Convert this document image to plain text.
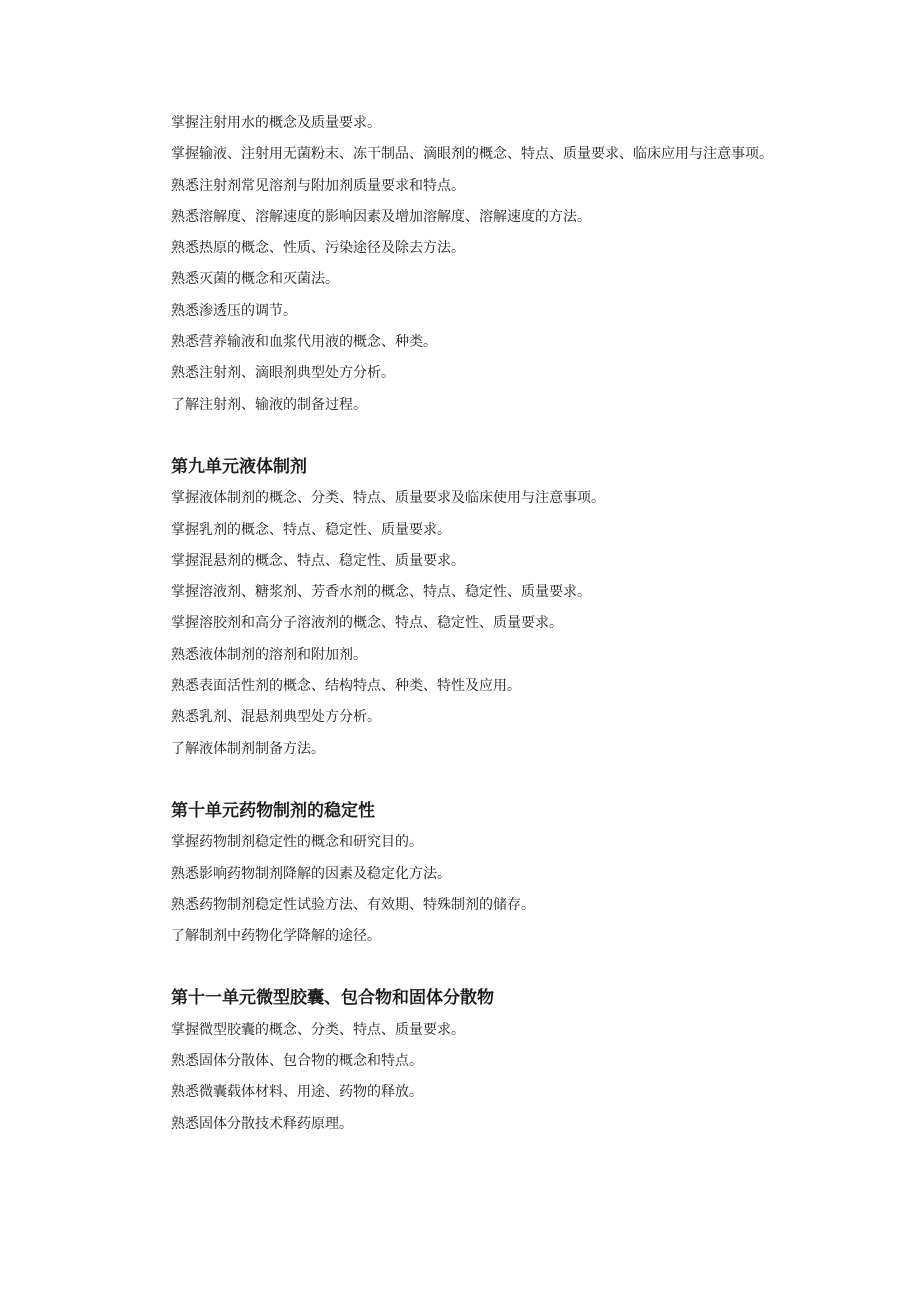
掌握注射用水的概念及质量要求。

掌握输液、注射用无菌粉末、冻干制品、滴眼剂的概念、特点、质量要求、临床应用与注意事项。

熟悉注射剂常见溶剂与附加剂质量要求和特点。

熟悉溶解度、溶解速度的影响因素及增加溶解度、溶解速度的方法。

熟悉热原的概念、性质、污染途径及除去方法。

熟悉灭菌的概念和灭菌法。

熟悉渗透压的调节。

熟悉营养输液和血浆代用液的概念、种类。

熟悉注射剂、滴眼剂典型处方分析。

了解注射剂、输液的制备过程。

第九单元液体制剂

掌握液体制剂的概念、分类、特点、质量要求及临床使用与注意事项。

掌握乳剂的概念、特点、稳定性、质量要求。

掌握混悬剂的概念、特点、稳定性、质量要求。

掌握溶液剂、糖浆剂、芳香水剂的概念、特点、稳定性、质量要求。

掌握溶胶剂和高分子溶液剂的概念、特点、稳定性、质量要求。

熟悉液体制剂的溶剂和附加剂。

熟悉表面活性剂的概念、结构特点、种类、特性及应用。

熟悉乳剂、混悬剂典型处方分析。

了解液体制剂制备方法。

第十单元药物制剂的稳定性

掌握药物制剂稳定性的概念和研究目的。

熟悉影响药物制剂降解的因素及稳定化方法。

熟悉药物制剂稳定性试验方法、有效期、特殊制剂的储存。

了解制剂中药物化学降解的途径。

第十一单元微型胶囊、包合物和固体分散物

掌握微型胶囊的概念、分类、特点、质量要求。

熟悉固体分散体、包合物的概念和特点。

熟悉微囊载体材料、用途、药物的释放。

熟悉固体分散技术释药原理。
